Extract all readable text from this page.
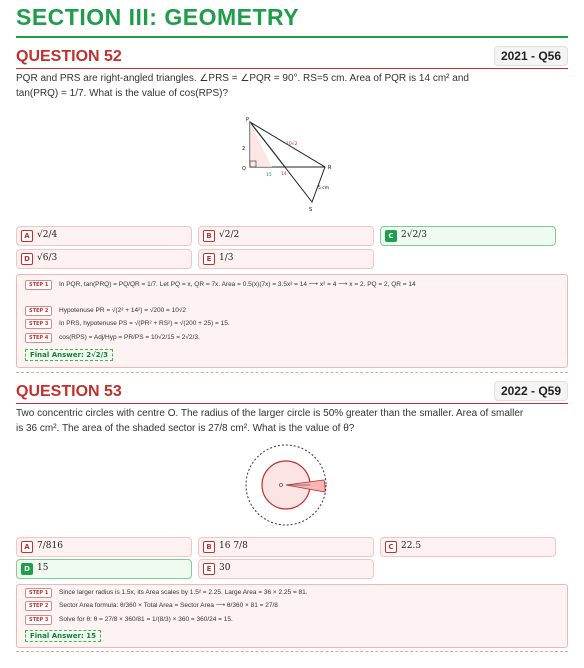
SECTION III: GEOMETRY
QUESTION 52	2021 - Q56
PQR and PRS are right-angled triangles. ∠PRS = ∠PQR = 90°. RS=5 cm. Area of PQR is 14 cm² and
tan(PRQ) = 1/7. What is the value of cos(RPS)?
P
Q	R
S
2
15
10√2
14
5 cm
A √2/4	B √2/2	C 2√2/3
D √6/3	E 1/3
STEP 1	In PQR, tan(PRQ) = PQ/QR = 1/7. Let PQ = x, QR = 7x. Area = 0.5(x)(7x) = 3.5x² = 14 ⟶ x² = 4 ⟶ x = 2. PQ = 2, QR = 14
STEP 2	Hypotenuse PR = √(2² + 14²) = √200 = 10√2
STEP 3	In PRS, hypotenuse PS = √(PR² + RS²) = √(200 + 25) = 15.
STEP 4	cos(RPS) = Adj/Hyp = PR/PS = 10√2/15 = 2√2/3.
Final Answer: 2√2/3
QUESTION 53	2022 - Q59
Two concentric circles with centre O. The radius of the larger circle is 50% greater than the smaller. Area of smaller
is 36 cm². The area of the shaded sector is 27/8 cm². What is the value of θ?
O
A 7/816	B 16 7/8	C 22.5
D 15	E 30
STEP 1	Since larger radius is 1.5x, its Area scales by 1.5² = 2.25. Large Area = 36 × 2.25 = 81.
STEP 2	Sector Area formula: θ/360 × Total Area = Sector Area ⟶ θ/360 × 81 = 27/8
STEP 3	Solve for θ: θ = 27/8 × 360/81 = 1/(8/3) × 360 = 360/24 = 15.
Final Answer: 15
